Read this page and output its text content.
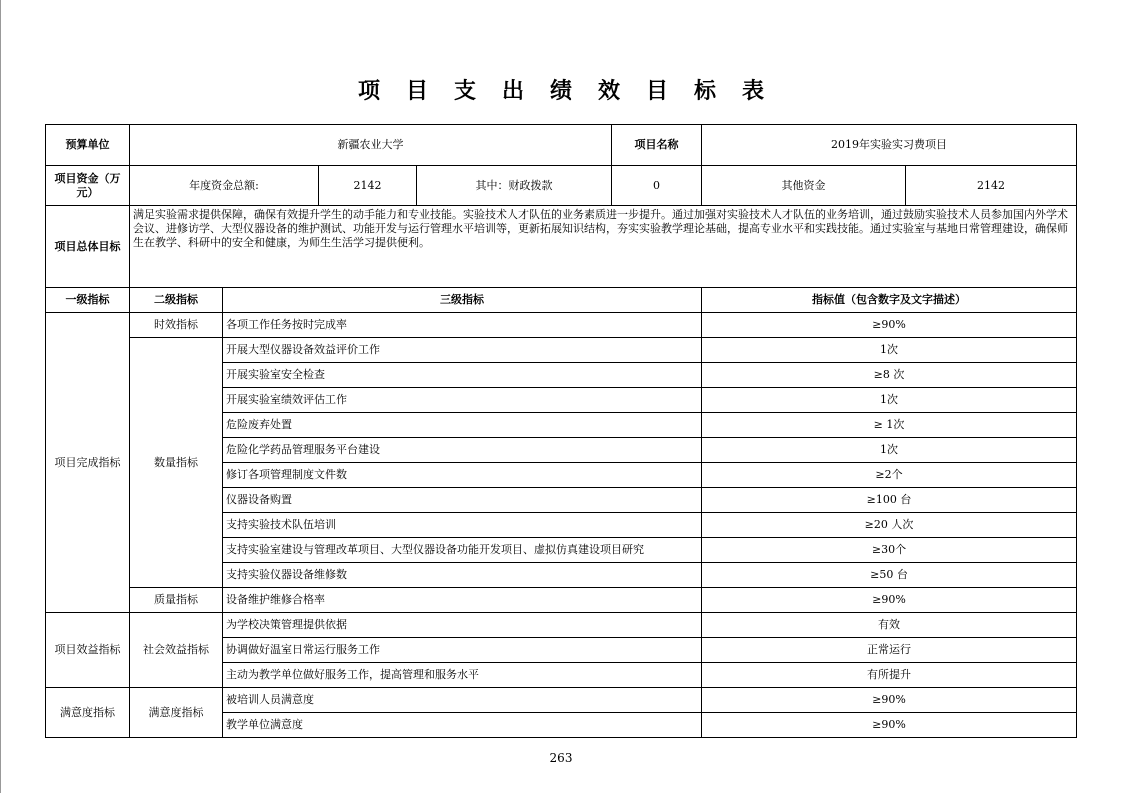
项目支出绩效目标表
预算单位	新疆农业大学				项目名称	2019年实验实习费项目	
项目资金（万元）	年度资金总额:		2142	其中：财政拨款	0	其他资金	2142
项目总体目标	满足实验需求提供保障，确保有效提升学生的动手能力和专业技能。实验技术人才队伍的业务素质进一步提升。通过加强对实验技术人才队伍的业务培训，通过鼓励实验技术人员参加国内外学术会议、进修访学、大型仪器设备的维护测试、功能开发与运行管理水平培训等，更新拓展知识结构，夯实实验教学理论基础，提高专业水平和实践技能。通过实验室与基地日常管理建设，确保师生在教学、科研中的安全和健康，为师生生活学习提供便利。						
一级指标	二级指标	三级指标				指标值（包含数字及文字描述）	
项目完成指标	时效指标	各项工作任务按时完成率				≥90%	
	数量指标	开展大型仪器设备效益评价工作				1次	
		开展实验室安全检查				≥8 次	
		开展实验室绩效评估工作				1次	
		危险废弃处置				≥ 1次	
		危险化学药品管理服务平台建设				1次	
		修订各项管理制度文件数				≥2个	
		仪器设备购置				≥100 台	
		支持实验技术队伍培训				≥20 人次	
		支持实验室建设与管理改革项目、大型仪器设备功能开发项目、虚拟仿真建设项目研究				≥30个	
		支持实验仪器设备维修数				≥50 台	
	质量指标	设备维护维修合格率				≥90%	
项目效益指标	社会效益指标	为学校决策管理提供依据				有效	
		协调做好温室日常运行服务工作				正常运行	
		主动为教学单位做好服务工作，提高管理和服务水平				有所提升	
满意度指标	满意度指标	被培训人员满意度				≥90%	
		教学单位满意度				≥90%	
263
